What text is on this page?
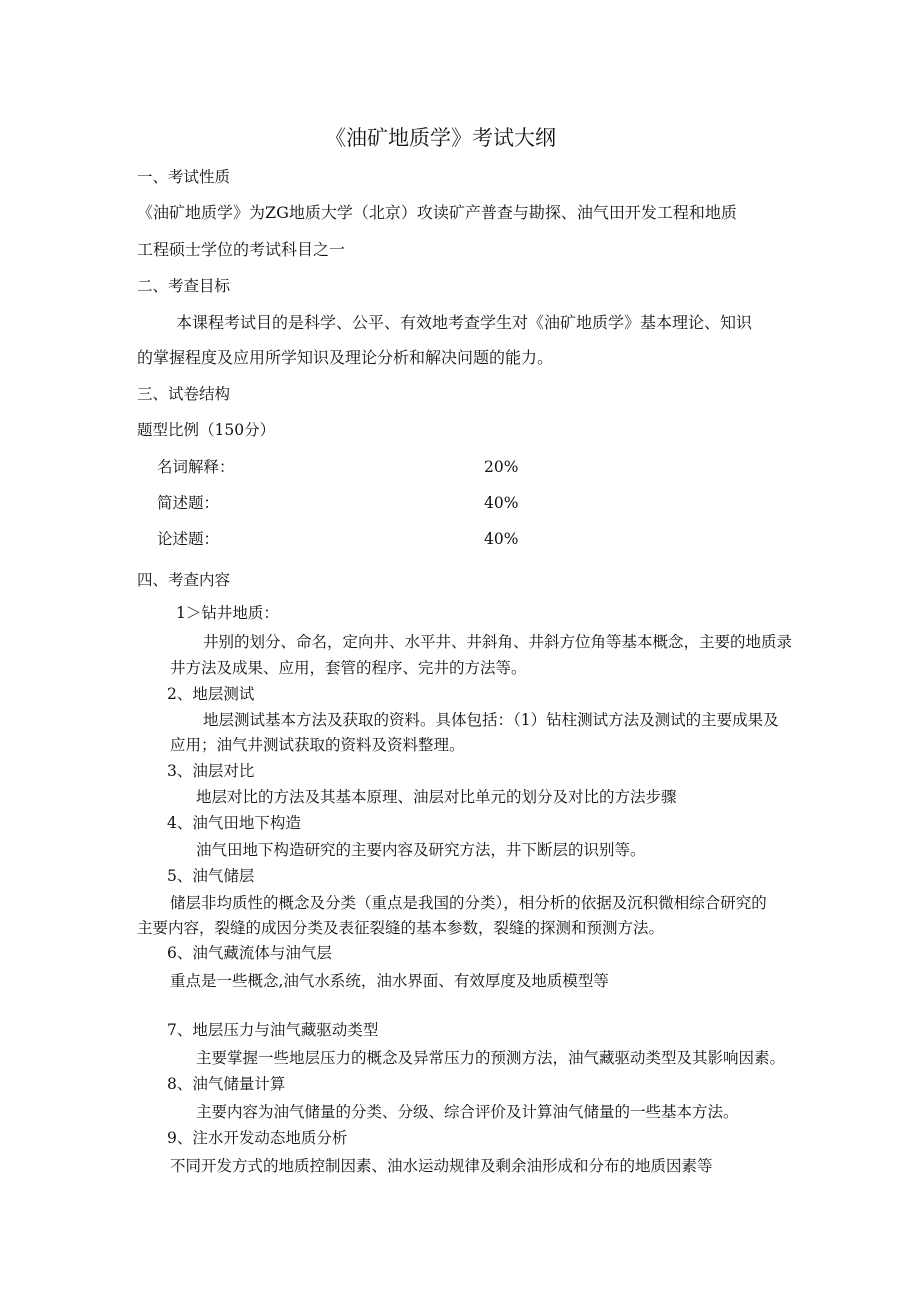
《油矿地质学》考试大纲
一、考试性质
《油矿地质学》为ZG地质大学（北京）攻读矿产普查与勘探、油气田开发工程和地质
工程硕士学位的考试科目之一
二、考查目标
本课程考试目的是科学、公平、有效地考查学生对《油矿地质学》基本理论、知识
的掌握程度及应用所学知识及理论分析和解决问题的能力。
三、试卷结构
题型比例（150分）
名词解释：	20%
简述题：	40%
论述题：	40%
四、考查内容
1＞钻井地质：
井别的划分、命名，定向井、水平井、井斜角、井斜方位角等基本概念，主要的地质录
井方法及成果、应用，套管的程序、完井的方法等。
2、地层测试
地层测试基本方法及获取的资料。具体包括：（1）钻柱测试方法及测试的主要成果及
应用；油气井测试获取的资料及资料整理。
3、油层对比
地层对比的方法及其基本原理、油层对比单元的划分及对比的方法步骤
4、油气田地下构造
油气田地下构造研究的主要内容及研究方法，井下断层的识别等。
5、油气储层
储层非均质性的概念及分类（重点是我国的分类），相分析的依据及沉积微相综合研究的
主要内容，裂缝的成因分类及表征裂缝的基本参数，裂缝的探测和预测方法。
6、油气藏流体与油气层
重点是一些概念,油气水系统，油水界面、有效厚度及地质模型等
7、地层压力与油气藏驱动类型
主要掌握一些地层压力的概念及异常压力的预测方法，油气藏驱动类型及其影响因素。
8、油气储量计算
主要内容为油气储量的分类、分级、综合评价及计算油气储量的一些基本方法。
9、注水开发动态地质分析
不同开发方式的地质控制因素、油水运动规律及剩余油形成和分布的地质因素等
